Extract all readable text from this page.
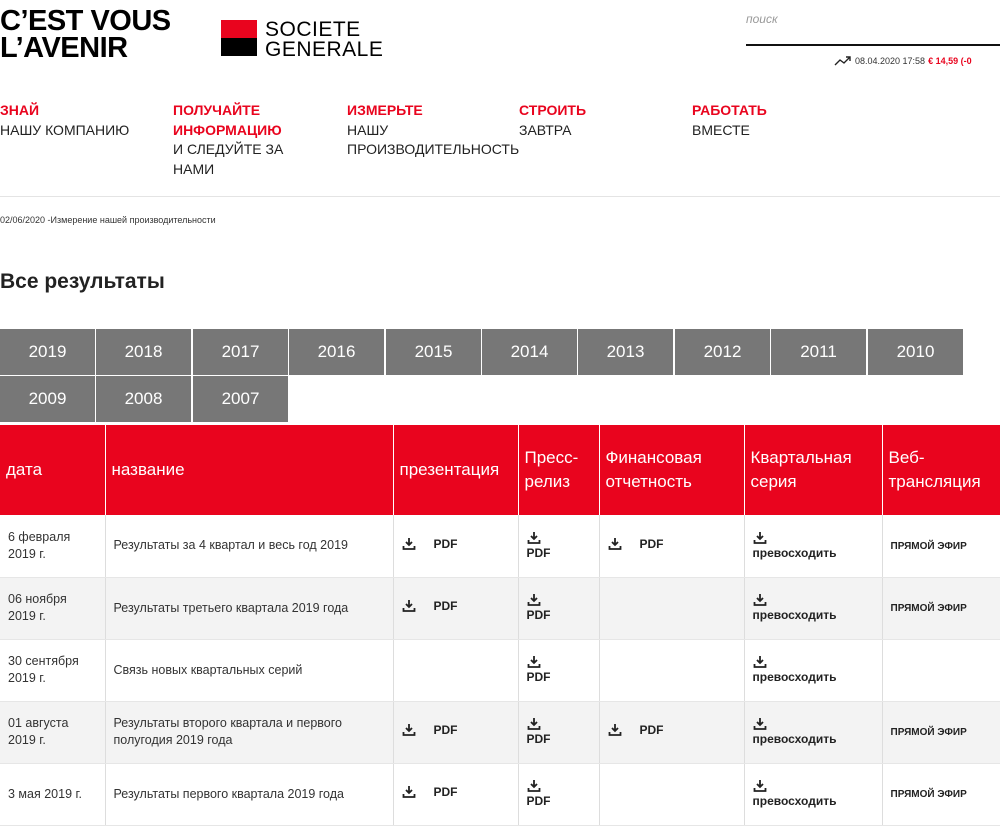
C’EST VOUS
L’AVENIR
SOCIETE
GENERALE
поиск	08.04.2020 17:58 € 14,59 (-0
ЗНАЙ
НАШУ КОМПАНИЮ
ПОЛУЧАЙТЕ ИНФОРМАЦИЮ
И СЛЕДУЙТЕ ЗА НАМИ
ИЗМЕРЬТЕ
НАШУ ПРОИЗВОДИТЕЛЬНОСТЬ
СТРОИТЬ
ЗАВТРА
РАБОТАТЬ
ВМЕСТЕ
02/06/2020 -Измерение нашей производительности
Все результаты
2019	2018	2017	2016	2015	2014	2013	2012	2011	2010
2009	2008	2007
дата	название	презентация	Пресс-релиз	Финансовая отчетность	Квартальная серия	Веб-трансляция
6 февраля 2019 г.	Результаты за 4 квартал и весь год 2019	PDF	PDF	PDF	превосходить	ПРЯМОЙ ЭФИР
06 ноября 2019 г.	Результаты третьего квартала 2019 года	PDF	PDF		превосходить	ПРЯМОЙ ЭФИР
30 сентября 2019 г.	Связь новых квартальных серий		PDF		превосходить	

01 августа 2019 г.	Результаты второго квартала и первого полугодия 2019 года	PDF	PDF	PDF	превосходить	ПРЯМОЙ ЭФИР
3 мая 2019 г.	Результаты первого квартала 2019 года	PDF	PDF		превосходить	ПРЯМОЙ ЭФИР
